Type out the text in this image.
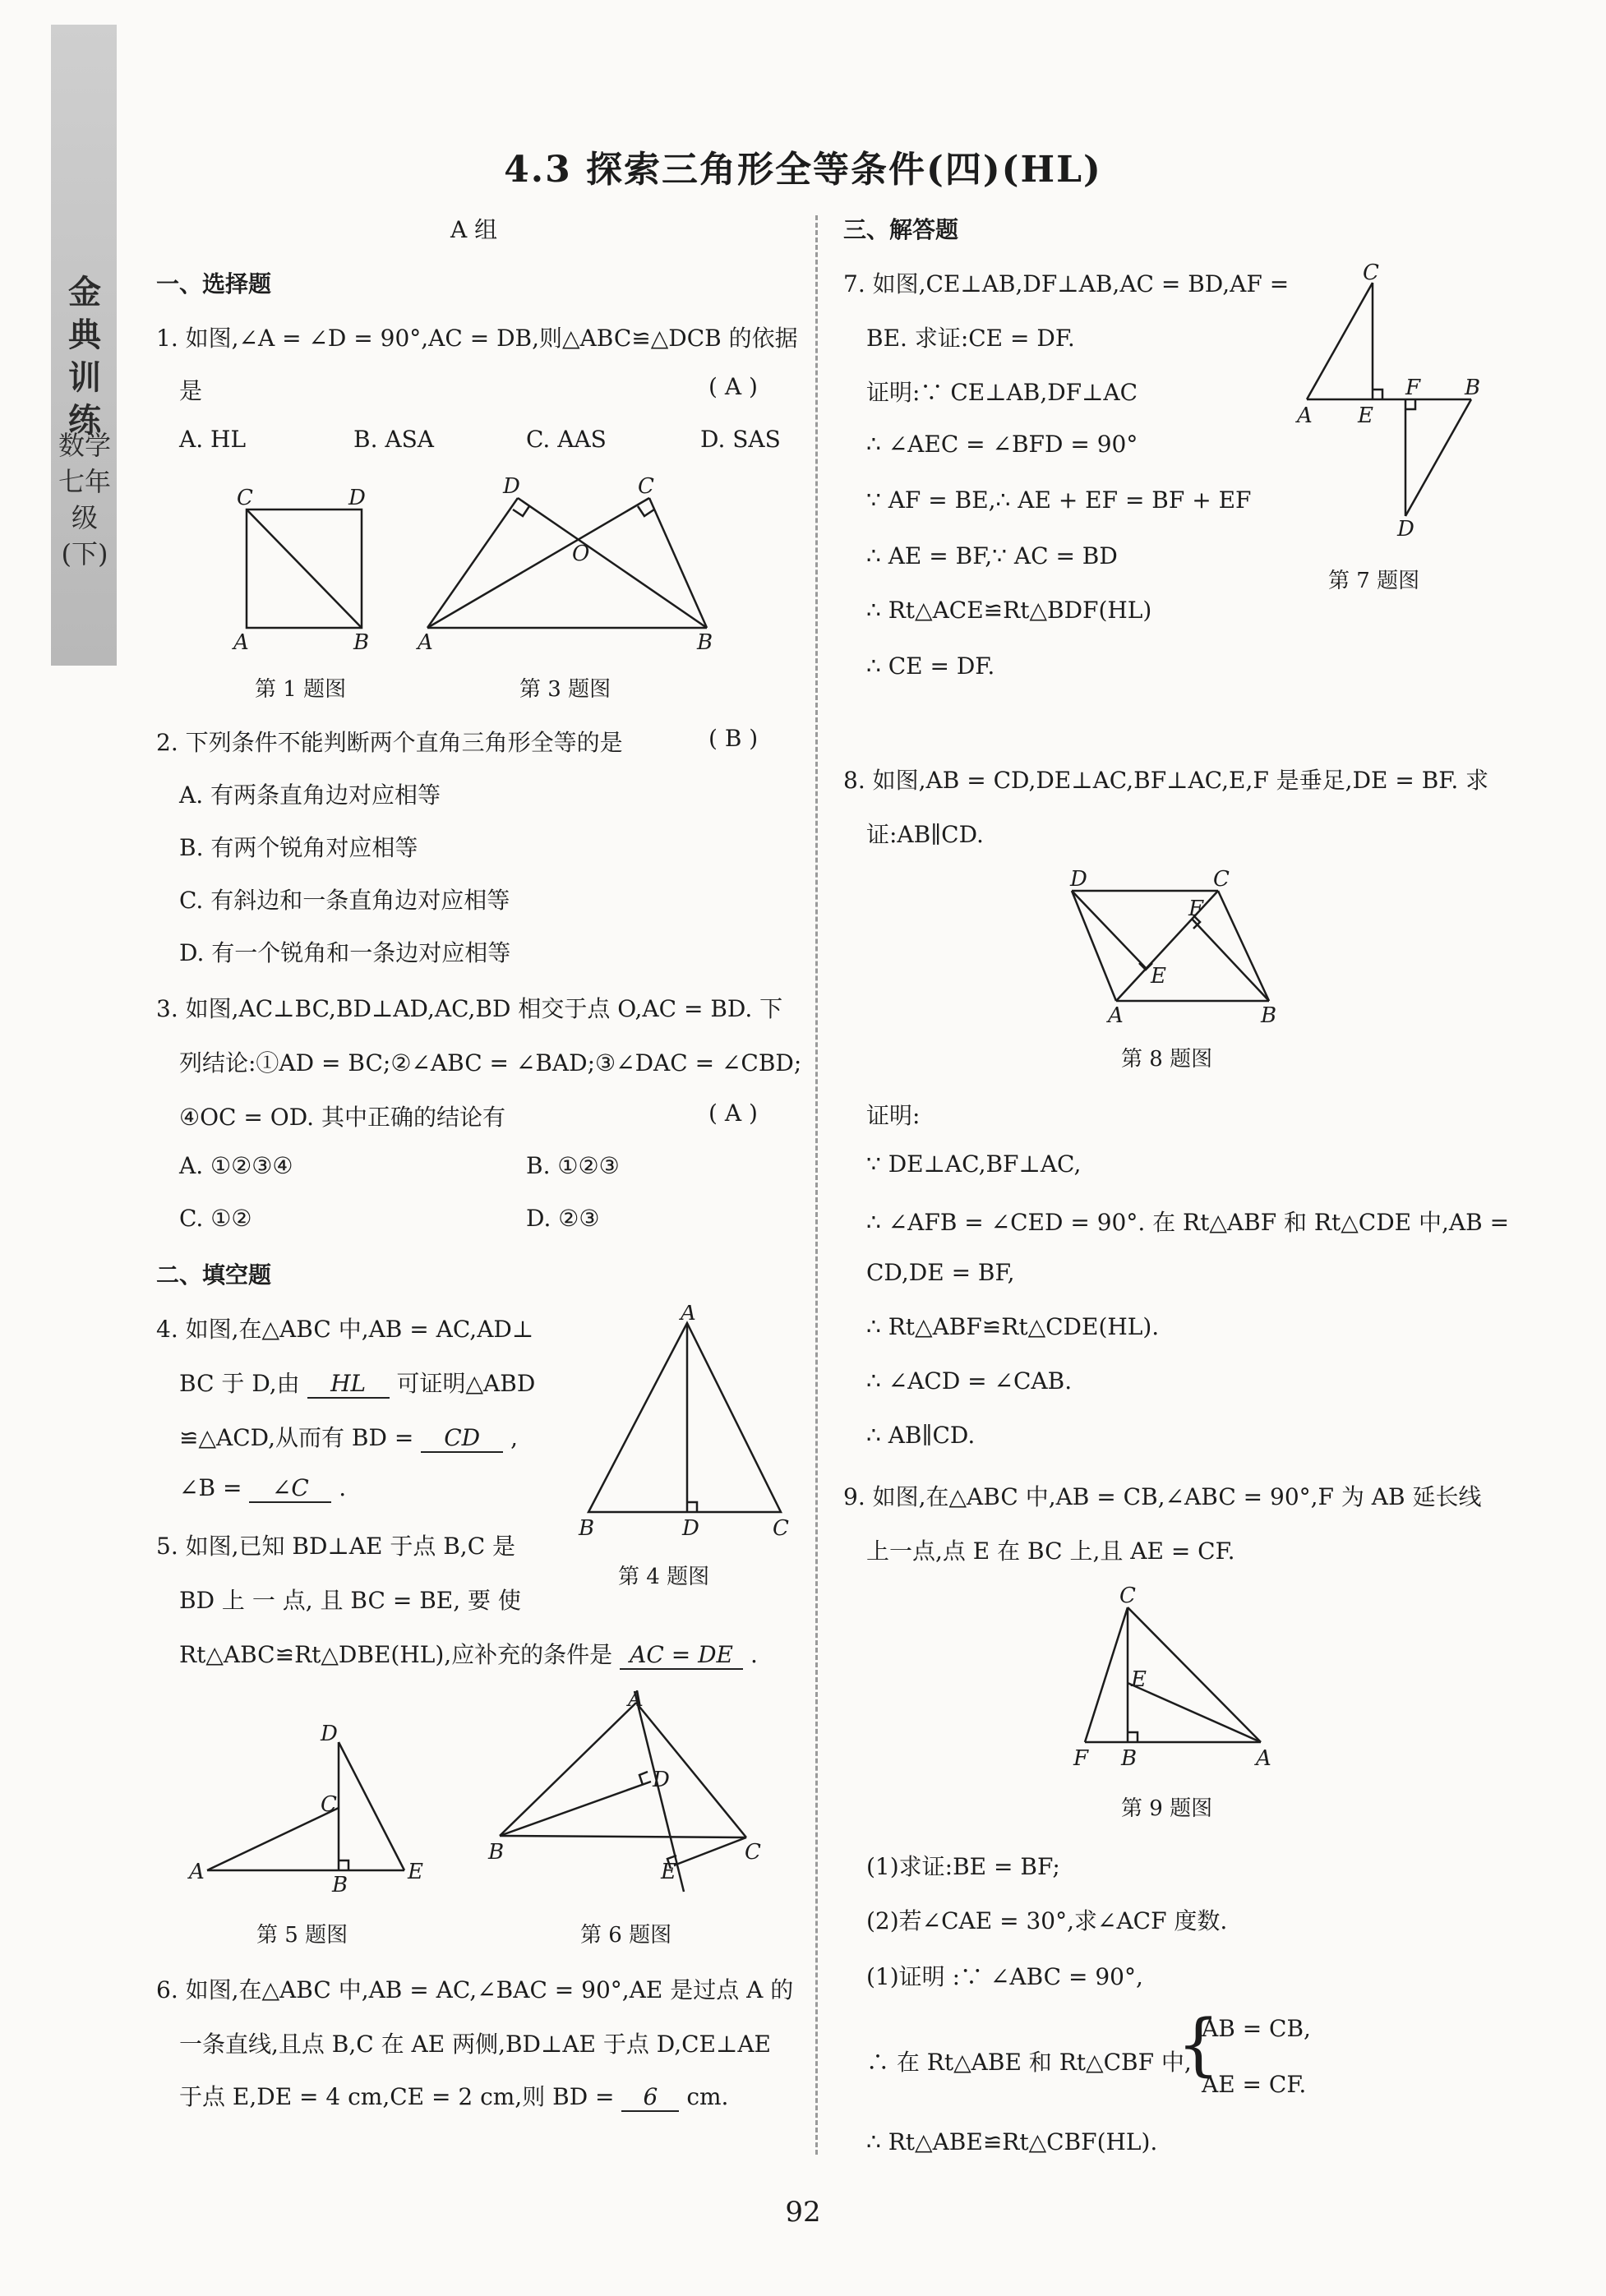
金典训练
数学
七年级(下)
4.3 探索三角形全等条件(四)(HL)
A 组
一、选择题
1. 如图,∠A = ∠D = 90°,AC = DB,则△ABC≌△DCB 的依据
是	( A )
A. HL	B. ASA	C. AAS	D. SAS
C	D
A	B
第 1 题图
D	C
O
A	B
第 3 题图
2. 下列条件不能判断两个直角三角形全等的是	( B )
A. 有两条直角边对应相等
B. 有两个锐角对应相等
C. 有斜边和一条直角边对应相等
D. 有一个锐角和一条边对应相等
3. 如图,AC⊥BC,BD⊥AD,AC,BD 相交于点 O,AC = BD. 下
列结论:①AD = BC;②∠ABC = ∠BAD;③∠DAC = ∠CBD;
④OC = OD. 其中正确的结论有	( A )
A. ①②③④	B. ①②③
C. ①②	D. ②③
二、填空题
4. 如图,在△ABC 中,AB = AC,AD⊥
BC 于 D,由 HL 可证明△ABD
≌△ACD,从而有 BD = CD ,
∠B = ∠C .
A
B	D	C
第 4 题图
5. 如图,已知 BD⊥AE 于点 B,C 是
BD 上 一 点, 且 BC = BE, 要 使
Rt△ABC≌Rt△DBE(HL),应补充的条件是 AC = DE .
D
C
A
B
E
第 5 题图
A
D
B	C
E
第 6 题图
6. 如图,在△ABC 中,AB = AC,∠BAC = 90°,AE 是过点 A 的
一条直线,且点 B,C 在 AE 两侧,BD⊥AE 于点 D,CE⊥AE
于点 E,DE = 4 cm,CE = 2 cm,则 BD = 6 cm.
三、解答题
7. 如图,CE⊥AB,DF⊥AB,AC = BD,AF =
BE. 求证:CE = DF.
证明:∵ CE⊥AB,DF⊥AC
∴ ∠AEC = ∠BFD = 90°
∵ AF = BE,∴ AE + EF = BF + EF
∴ AE = BF,∵ AC = BD
∴ Rt△ACE≌Rt△BDF(HL)
∴ CE = DF.
C
A E
F B
D
第 7 题图
8. 如图,AB = CD,DE⊥AC,BF⊥AC,E,F 是垂足,DE = BF. 求
证:AB∥CD.
D	C
F
E
A	B
第 8 题图
证明:
∵ DE⊥AC,BF⊥AC,
∴ ∠AFB = ∠CED = 90°. 在 Rt△ABF 和 Rt△CDE 中,AB =
CD,DE = BF,
∴ Rt△ABF≌Rt△CDE(HL).
∴ ∠ACD = ∠CAB.
∴ AB∥CD.
9. 如图,在△ABC 中,AB = CB,∠ABC = 90°,F 为 AB 延长线
上一点,点 E 在 BC 上,且 AE = CF.
C
E
F B	A
第 9 题图
(1)求证:BE = BF;
(2)若∠CAE = 30°,求∠ACF 度数.
(1)证明 :∵ ∠ABC = 90°,
∴ 在 Rt△ABE 和 Rt△CBF 中,
{
AB = CB,
AE = CF.
∴ Rt△ABE≌Rt△CBF(HL).
92
